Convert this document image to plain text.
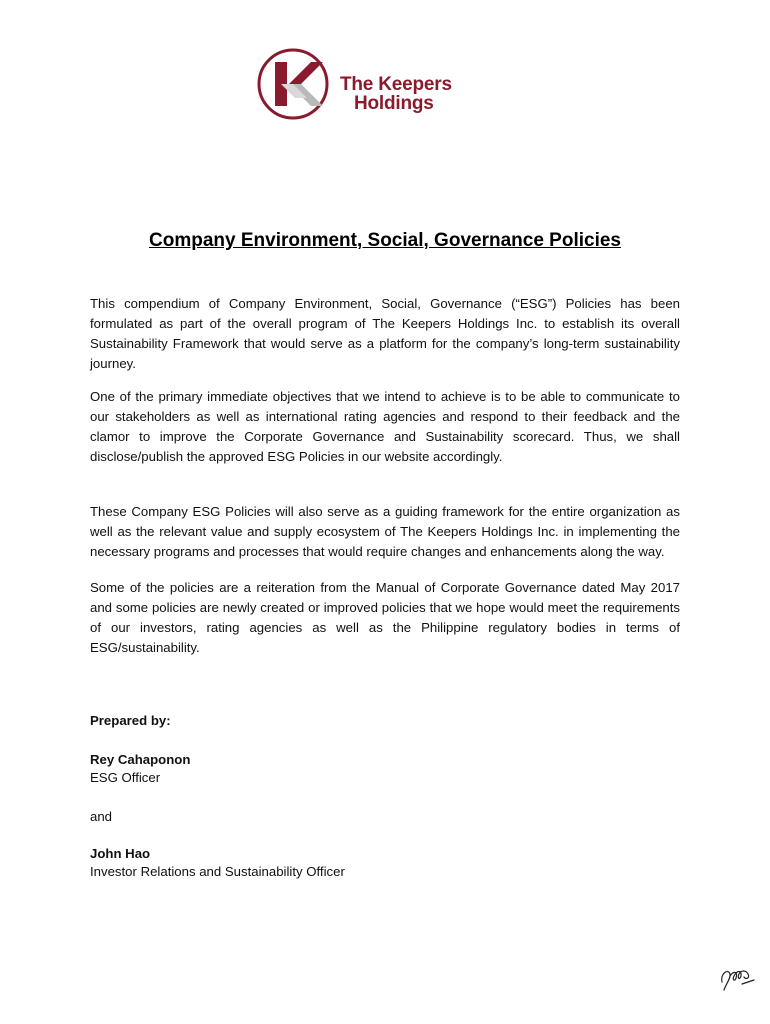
The Keepers
Holdings
Company Environment, Social, Governance Policies

This compendium of Company Environment, Social, Governance (“ESG”) Policies has been formulated as part of the overall program of The Keepers Holdings Inc. to establish its overall Sustainability Framework that would serve as a platform for the company’s long-term sustainability journey.

One of the primary immediate objectives that we intend to achieve is to be able to communicate to our stakeholders as well as international rating agencies and respond to their feedback and the clamor to improve the Corporate Governance and Sustainability scorecard. Thus, we shall disclose/publish the approved ESG Policies in our website accordingly.

These Company ESG Policies will also serve as a guiding framework for the entire organization as well as the relevant value and supply ecosystem of The Keepers Holdings Inc. in implementing the necessary programs and processes that would require changes and enhancements along the way.

Some of the policies are a reiteration from the Manual of Corporate Governance dated May 2017 and some policies are newly created or improved policies that we hope would meet the requirements of our investors, rating agencies as well as the Philippine regulatory bodies in terms of ESG/sustainability.

Prepared by:

Rey Cahaponon

ESG Officer

and

John Hao

Investor Relations and Sustainability Officer
